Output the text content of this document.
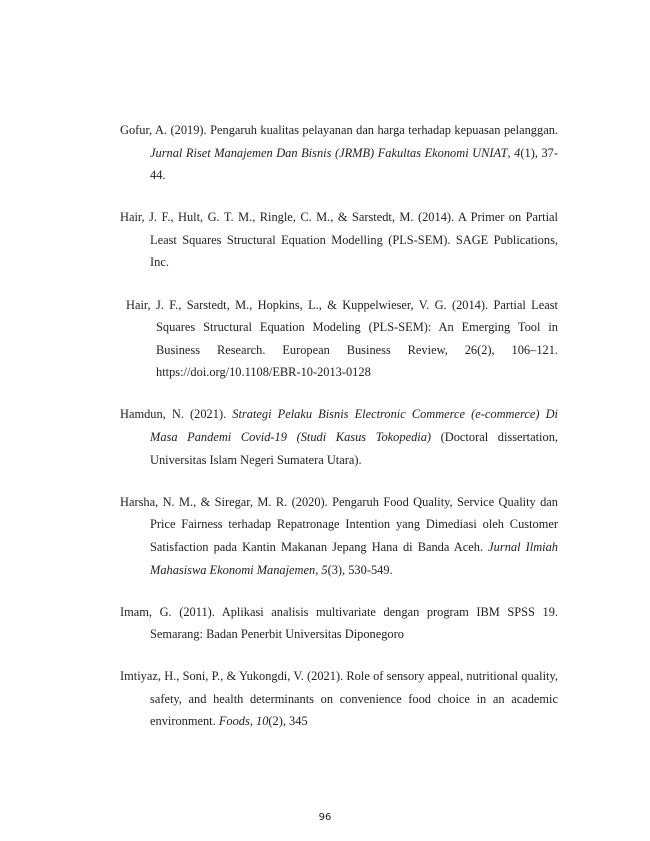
Gofur, A. (2019). Pengaruh kualitas pelayanan dan harga terhadap kepuasan pelanggan. Jurnal Riset Manajemen Dan Bisnis (JRMB) Fakultas Ekonomi UNIAT, 4(1), 37-44.

Hair, J. F., Hult, G. T. M., Ringle, C. M., & Sarstedt, M. (2014). A Primer on Partial Least Squares Structural Equation Modelling (PLS-SEM). SAGE Publications, Inc.

Hair, J. F., Sarstedt, M., Hopkins, L., & Kuppelwieser, V. G. (2014). Partial Least Squares Structural Equation Modeling (PLS-SEM): An Emerging Tool in Business Research. European Business Review, 26(2), 106–121. https://doi.org/10.1108/EBR-10-2013-0128

Hamdun, N. (2021). Strategi Pelaku Bisnis Electronic Commerce (e-commerce) Di Masa Pandemi Covid-19 (Studi Kasus Tokopedia) (Doctoral dissertation, Universitas Islam Negeri Sumatera Utara).

Harsha, N. M., & Siregar, M. R. (2020). Pengaruh Food Quality, Service Quality dan Price Fairness terhadap Repatronage Intention yang Dimediasi oleh Customer Satisfaction pada Kantin Makanan Jepang Hana di Banda Aceh. Jurnal Ilmiah Mahasiswa Ekonomi Manajemen, 5(3), 530-549.

Imam, G. (2011). Aplikasi analisis multivariate dengan program IBM SPSS 19. Semarang: Badan Penerbit Universitas Diponegoro

Imtiyaz, H., Soni, P., & Yukongdi, V. (2021). Role of sensory appeal, nutritional quality, safety, and health determinants on convenience food choice in an academic environment. Foods, 10(2), 345

96
